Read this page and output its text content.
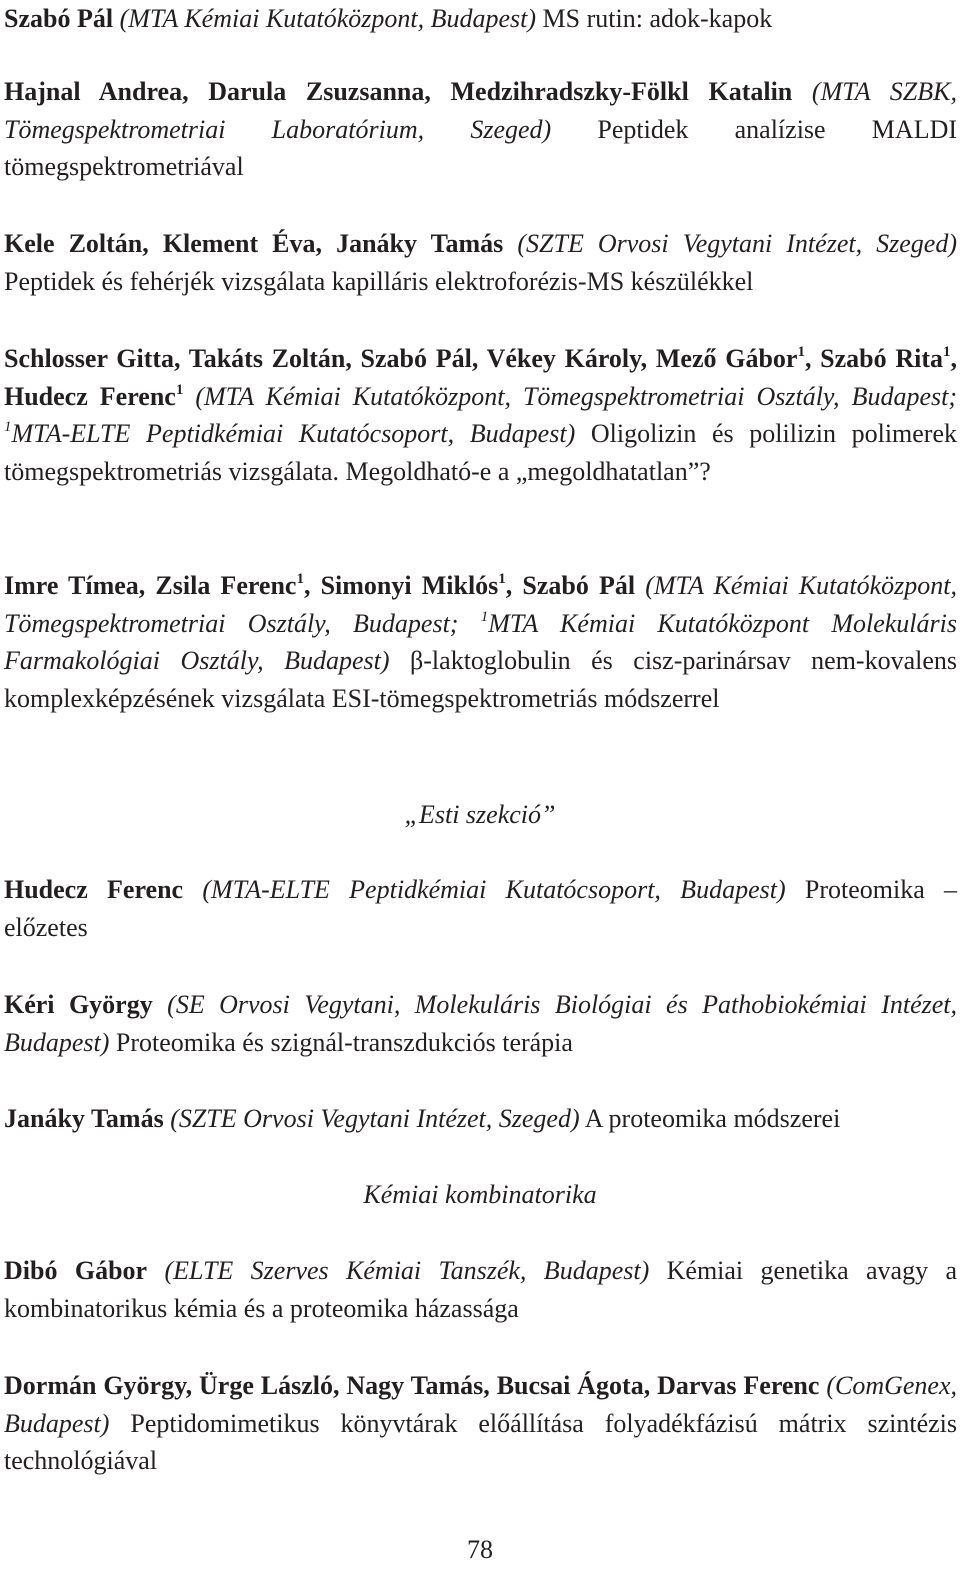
Szabó Pál (MTA Kémiai Kutatóközpont, Budapest) MS rutin: adok-kapok
Hajnal Andrea, Darula Zsuzsanna, Medzihradszky-Fölkl Katalin (MTA SZBK, Tömegspektrometriai Laboratórium, Szeged) Peptidek analízise MALDI tömegspektrometriával
Kele Zoltán, Klement Éva, Janáky Tamás (SZTE Orvosi Vegytani Intézet, Szeged) Peptidek és fehérjék vizsgálata kapilláris elektroforézis-MS készülékkel
Schlosser Gitta, Takáts Zoltán, Szabó Pál, Vékey Károly, Mező Gábor$^1$, Szabó Rita$^1$, Hudecz Ferenc$^1$ (MTA Kémiai Kutatóközpont, Tömegspektrometriai Osztály, Budapest; $^1$MTA-ELTE Peptidkémiai Kutatócsoport, Budapest) Oligolizin és polilizin polimerek tömegspektrometriás vizsgálata. Megoldható-e a „megoldhatatlan”?
Imre Tímea, Zsila Ferenc$^1$, Simonyi Miklós$^1$, Szabó Pál (MTA Kémiai Kutatóközpont, Tömegspektrometriai Osztály, Budapest; $^1$MTA Kémiai Kutatóközpont Molekuláris Farmakológiai Osztály, Budapest) β-laktoglobulin és cisz-parinársav nem-kovalens komplexképzésének vizsgálata ESI-tömegspektrometriás módszerrel
„Esti szekció”
Hudecz Ferenc (MTA-ELTE Peptidkémiai Kutatócsoport, Budapest) Proteomika – előzetes
Kéri György (SE Orvosi Vegytani, Molekuláris Biológiai és Pathobiokémiai Intézet, Budapest) Proteomika és szignál-transzdukciós terápia
Janáky Tamás (SZTE Orvosi Vegytani Intézet, Szeged) A proteomika módszerei
Kémiai kombinatorika
Dibó Gábor (ELTE Szerves Kémiai Tanszék, Budapest) Kémiai genetika avagy a kombinatorikus kémia és a proteomika házassága
Dormán György, Ürge László, Nagy Tamás, Bucsai Ágota, Darvas Ferenc (ComGenex, Budapest) Peptidomimetikus könyvtárak előállítása folyadékfázisú mátrix szintézis technológiával
78
